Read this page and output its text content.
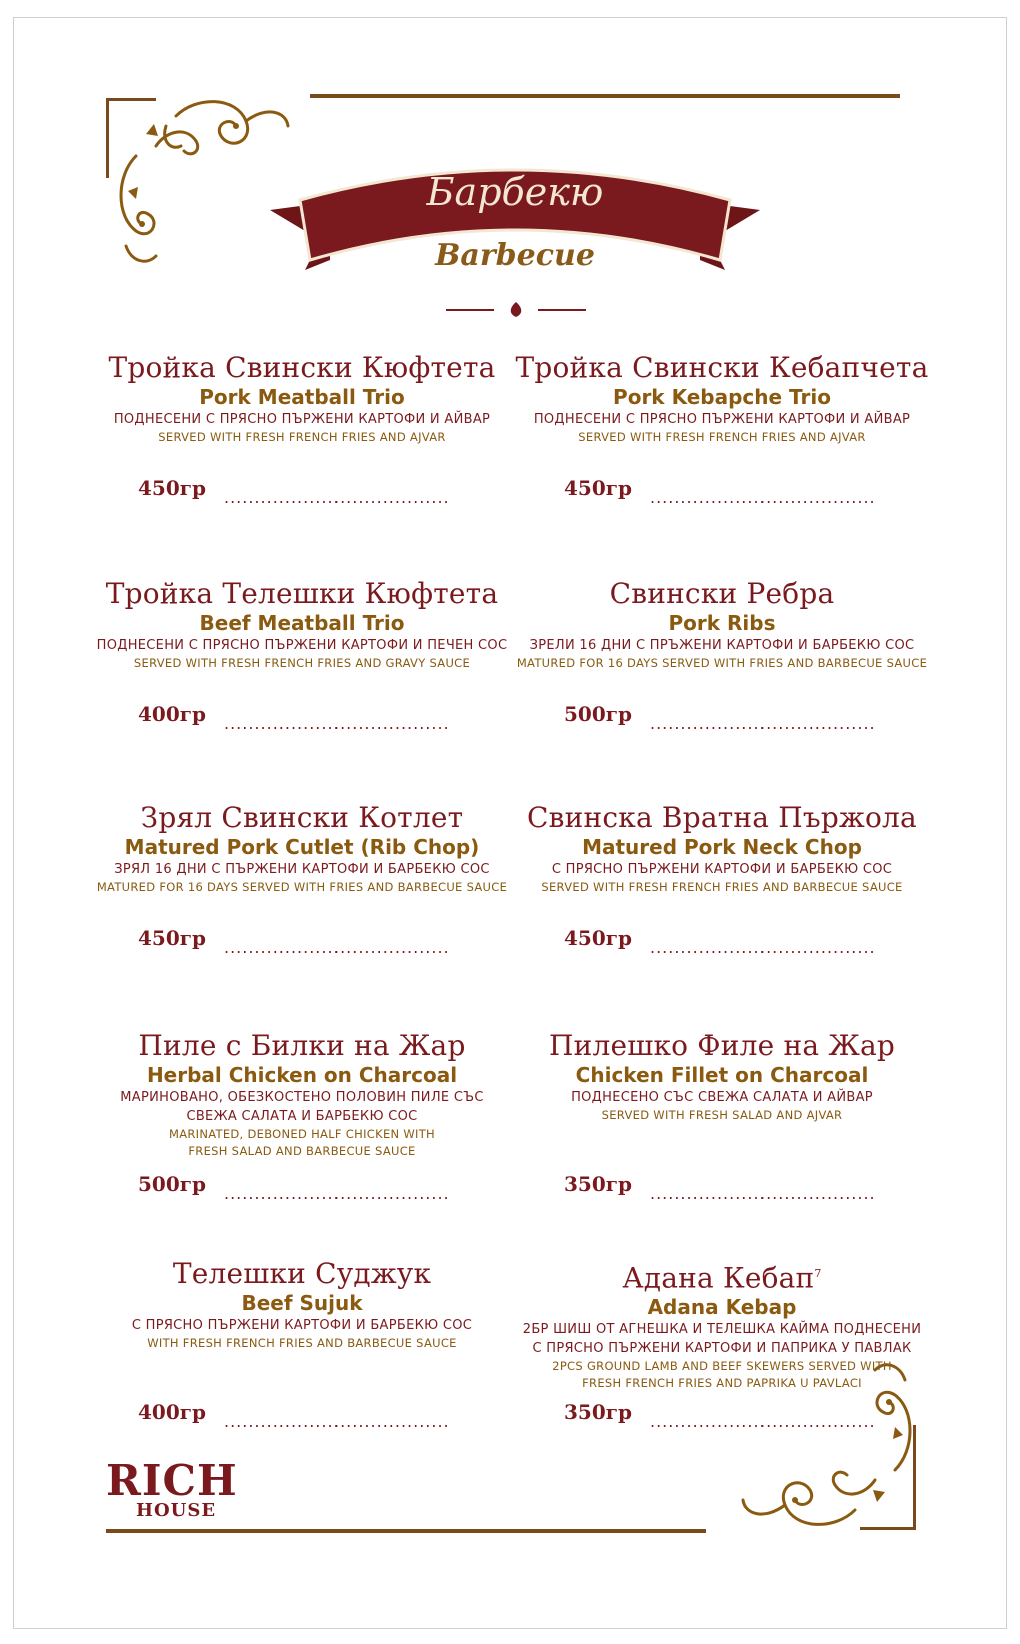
Барбекю
Barbecue
Тройка Свински Кюфтета
Pork Meatball Trio
ПОДНЕСЕНИ С ПРЯСНО ПЪРЖЕНИ КАРТОФИ И АЙВАР
SERVED WITH FRESH FRENCH FRIES AND AJVAR
450гр ...................
...................
Тройка Свински Кебапчета
Pork Kebapche Trio
ПОДНЕСЕНИ С ПРЯСНО ПЪРЖЕНИ КАРТОФИ И АЙВАР
SERVED WITH FRESH FRENCH FRIES AND AJVAR
450гр ...................
...................
Тройка Телешки Кюфтета
Beef Meatball Trio
ПОДНЕСЕНИ С ПРЯСНО ПЪРЖЕНИ КАРТОФИ И ПЕЧЕН СОС
SERVED WITH FRESH FRENCH FRIES AND GRAVY SAUCE
400гр ...................
...................
Свински Ребра
Pork Ribs
ЗРЕЛИ 16 ДНИ С ПРЪЖЕНИ КАРТОФИ И БАРБЕКЮ СОС
MATURED FOR 16 DAYS SERVED WITH FRIES AND BARBECUE SAUCE
500гр ...................
...................
Зрял Свински Котлет
Matured Pork Cutlet (Rib Chop)
ЗРЯЛ 16 ДНИ С ПЪРЖЕНИ КАРТОФИ И БАРБЕКЮ СОС
MATURED FOR 16 DAYS SERVED WITH FRIES AND BARBECUE SAUCE
450гр ...................
...................
Свинска Вратна Пържола
Matured Pork Neck Chop
С ПРЯСНО ПЪРЖЕНИ КАРТОФИ И БАРБЕКЮ СОС
SERVED WITH FRESH FRENCH FRIES AND BARBECUE SAUCE
450гр ...................
...................
Пиле с Билки на Жар
Herbal Chicken on Charcoal
МАРИНОВАНО, ОБЕЗКОСТЕНО ПОЛОВИН ПИЛЕ СЪС
СВЕЖА САЛАТА И БАРБЕКЮ СОС
MARINATED, DEBONED HALF CHICKEN WITH
FRESH SALAD AND BARBECUE SAUCE
500гр ...................
...................
Пилешко Филе на Жар
Chicken Fillet on Charcoal
ПОДНЕСЕНО СЪС СВЕЖА САЛАТА И АЙВАР
SERVED WITH FRESH SALAD AND AJVAR
350гр ...................
...................
Телешки Суджук
Beef Sujuk
С ПРЯСНО ПЪРЖЕНИ КАРТОФИ И БАРБЕКЮ СОС
WITH FRESH FRENCH FRIES AND BARBECUE SAUCE
400гр ...................
...................
Адана Кебап$^7$
Adana Kebap
2БР ШИШ ОТ АГНЕШКА И ТЕЛЕШКА КАЙМА ПОДНЕСЕНИ
С ПРЯСНО ПЪРЖЕНИ КАРТОФИ И ПАПРИКА У ПАВЛАК
2PCS GROUND LAMB AND BEEF SKEWERS SERVED WITH
FRESH FRENCH FRIES AND PAPRIKA U PAVLACI
350гр ...................
...................
RICH
HOUSE
